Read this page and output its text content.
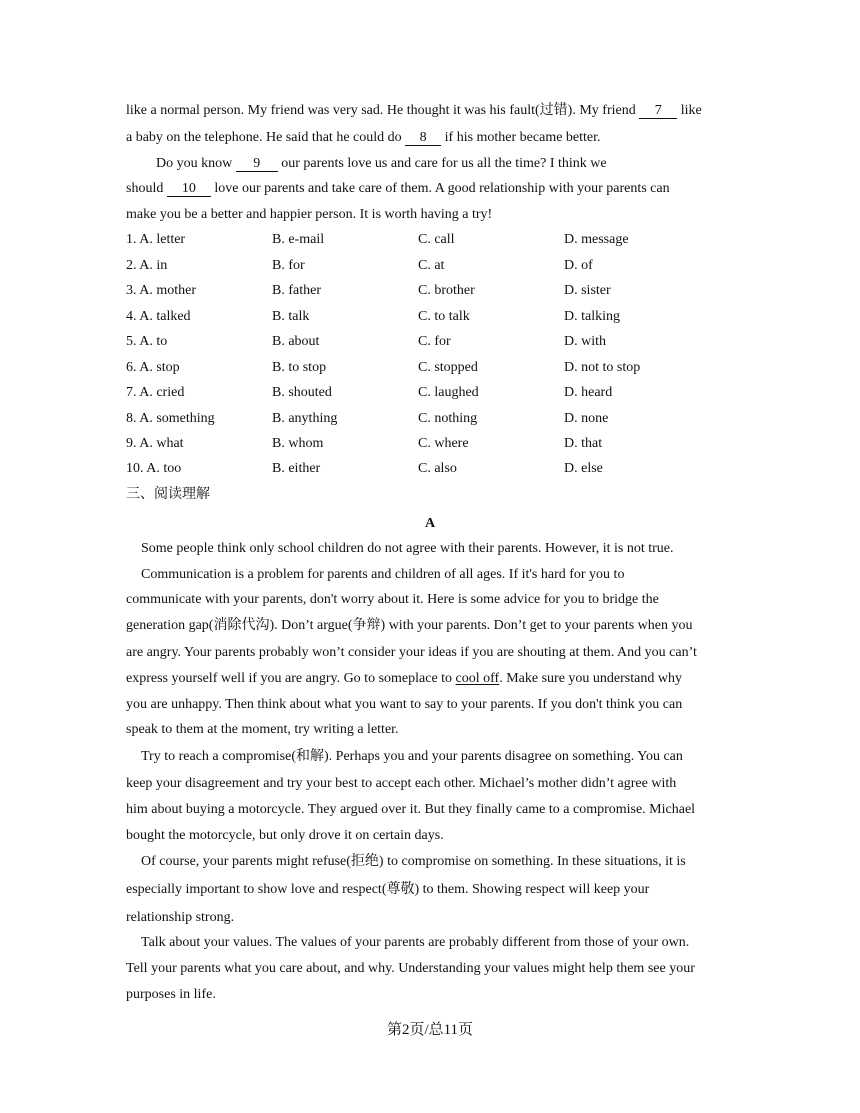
like a normal person. My friend was very sad. He thought it was his fault(过错). My friend 7 like
a baby on the telephone. He said that he could do 8 if his mother became better.
Do you know 9 our parents love us and care for us all the time? I think we
should 10 love our parents and take care of them. A good relationship with your parents can
make you be a better and happier person. It is worth having a try!
1. A. letter	B. e-mail	C. call	D. message
2. A. in	B. for	C. at	D. of
3. A. mother	B. father	C. brother	D. sister
4. A. talked	B. talk	C. to talk	D. talking
5. A. to	B. about	C. for	D. with
6. A. stop	B. to stop	C. stopped	D. not to stop
7. A. cried	B. shouted	C. laughed	D. heard
8. A. something	B. anything	C. nothing	D. none
9. A. what	B. whom	C. where	D. that
10. A. too	B. either	C. also	D. else
三、阅读理解
A
Some people think only school children do not agree with their parents. However, it is not true.
Communication is a problem for parents and children of all ages. If it's hard for you to
communicate with your parents, don't worry about it. Here is some advice for you to bridge the
generation gap(消除代沟). Don’t argue(争辩) with your parents. Don’t get to your parents when you
are angry. Your parents probably won’t consider your ideas if you are shouting at them. And you can’t
express yourself well if you are angry. Go to someplace to cool off. Make sure you understand why
you are unhappy. Then think about what you want to say to your parents. If you don't think you can
speak to them at the moment, try writing a letter.
Try to reach a compromise(和解). Perhaps you and your parents disagree on something. You can
keep your disagreement and try your best to accept each other. Michael’s mother didn’t agree with
him about buying a motorcycle. They argued over it. But they finally came to a compromise. Michael
bought the motorcycle, but only drove it on certain days.
Of course, your parents might refuse(拒绝) to compromise on something. In these situations, it is
especially important to show love and respect(尊敬) to them. Showing respect will keep your
relationship strong.
Talk about your values. The values of your parents are probably different from those of your own.
Tell your parents what you care about, and why. Understanding your values might help them see your
purposes in life.
第2页/总11页
